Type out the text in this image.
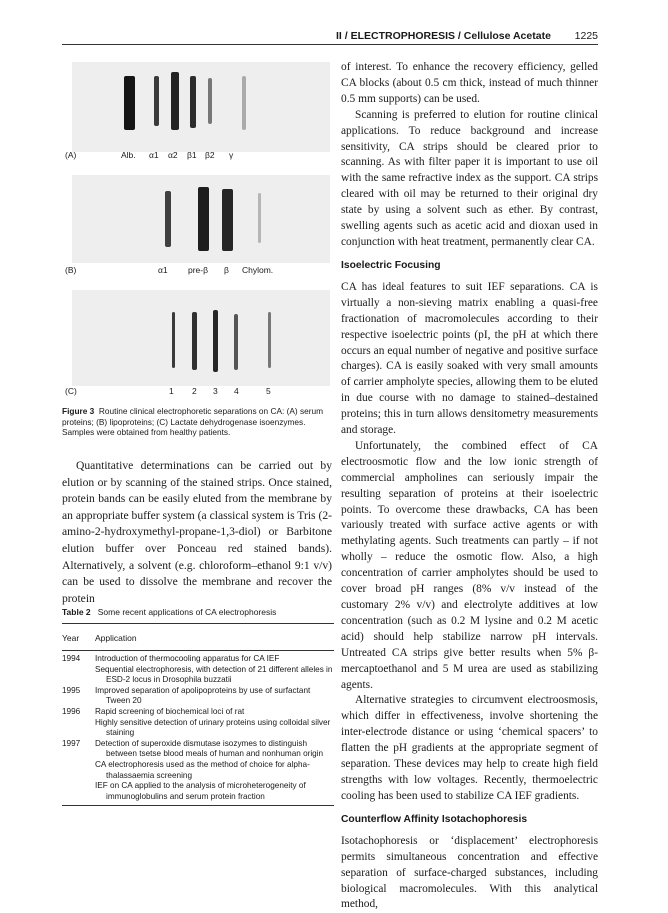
II / ELECTROPHORESIS / Cellulose Acetate 1225
(A)	Alb. α1 α2 β1 β2 γ
(B)	α1 pre-β β Chylom.
(C)	1 2 3 4	5
Figure 3 Routine clinical electrophoretic separations on CA: (A) serum proteins; (B) lipoproteins; (C) Lactate dehydrogenase isoenzymes. Samples were obtained from healthy patients.

Quantitative determinations can be carried out by elution or by scanning of the stained strips. Once stained, protein bands can be easily eluted from the membrane by an appropriate buffer system (a classical system is Tris (2-amino-2-hydroxymethyl-propane-1,3-diol) or Barbitone elution buffer over Ponceau red stained bands). Alternatively, a solvent (e.g. chloroform–ethanol 9:1 v/v) can be used to dissolve the membrane and recover the protein

Table 2 Some recent applications of CA electrophoresis
Year Application
1994 Introduction of thermocooling apparatus for CA IEF
Sequential electrophoresis, with detection of 21 different alleles in ESD-2 locus in Drosophila buzzatii
1995 Improved separation of apolipoproteins by use of surfactant Tween 20
1996 Rapid screening of biochemical loci of rat
Highly sensitive detection of urinary proteins using colloidal silver staining
1997 Detection of superoxide dismutase isozymes to distinguish between tsetse blood meals of human and nonhuman origin
CA electrophoresis used as the method of choice for alpha-thalassaemia screening
IEF on CA applied to the analysis of microheterogeneity of immunoglobulins and serum protein fraction

of interest. To enhance the recovery efficiency, gelled CA blocks (about 0.5 cm thick, instead of much thinner 0.5 mm supports) can be used.

Scanning is preferred to elution for routine clinical applications. To reduce background and increase sensitivity, CA strips should be cleared prior to scanning. As with filter paper it is important to use oil with the same refractive index as the support. CA strips cleared with oil may be returned to their original dry state by using a solvent such as ether. By contrast, swelling agents such as acetic acid and dioxan used in conjunction with heat treatment, permanently clear CA.

Isoelectric Focusing

CA has ideal features to suit IEF separations. CA is virtually a non-sieving matrix enabling a quasi-free fractionation of macromolecules according to their respective isoelectric points (pI, the pH at which there occurs an equal number of negative and positive surface charges). CA is easily soaked with very small amounts of carrier ampholyte species, allowing them to be eluted in due course with no damage to stained–destained proteins; this in turn allows densitometry measurements and storage.

Unfortunately, the combined effect of CA electroosmotic flow and the low ionic strength of commercial ampholines can seriously impair the resulting separation of proteins at their isoelectric points. To overcome these drawbacks, CA has been variously treated with surface active agents or with methylating agents. Such treatments can partly – if not wholly – reduce the osmotic flow. Also, a high concentration of carrier ampholytes should be used to cover broad pH ranges (8% v/v instead of the customary 2% v/v) and electrolyte additives at low concentration (such as 0.2 M lysine and 0.2 M acetic acid) should help stabilize narrow pH intervals. Untreated CA strips give better results when 5% β-mercaptoethanol and 5 M urea are used as stabilizing agents.

Alternative strategies to circumvent electroosmosis, which differ in effectiveness, involve shortening the inter-electrode distance or using ‘chemical spacers’ to flatten the pH gradients at the appropriate segment of separation. These devices may help to create high field strengths with low voltages. Recently, thermoelectric cooling has been used to stabilize CA IEF gradients.

Counterflow Affinity Isotachophoresis

Isotachophoresis or ‘displacement’ electrophoresis permits simultaneous concentration and effective separation of surface-charged substances, including biological macromolecules. With this analytical method,
